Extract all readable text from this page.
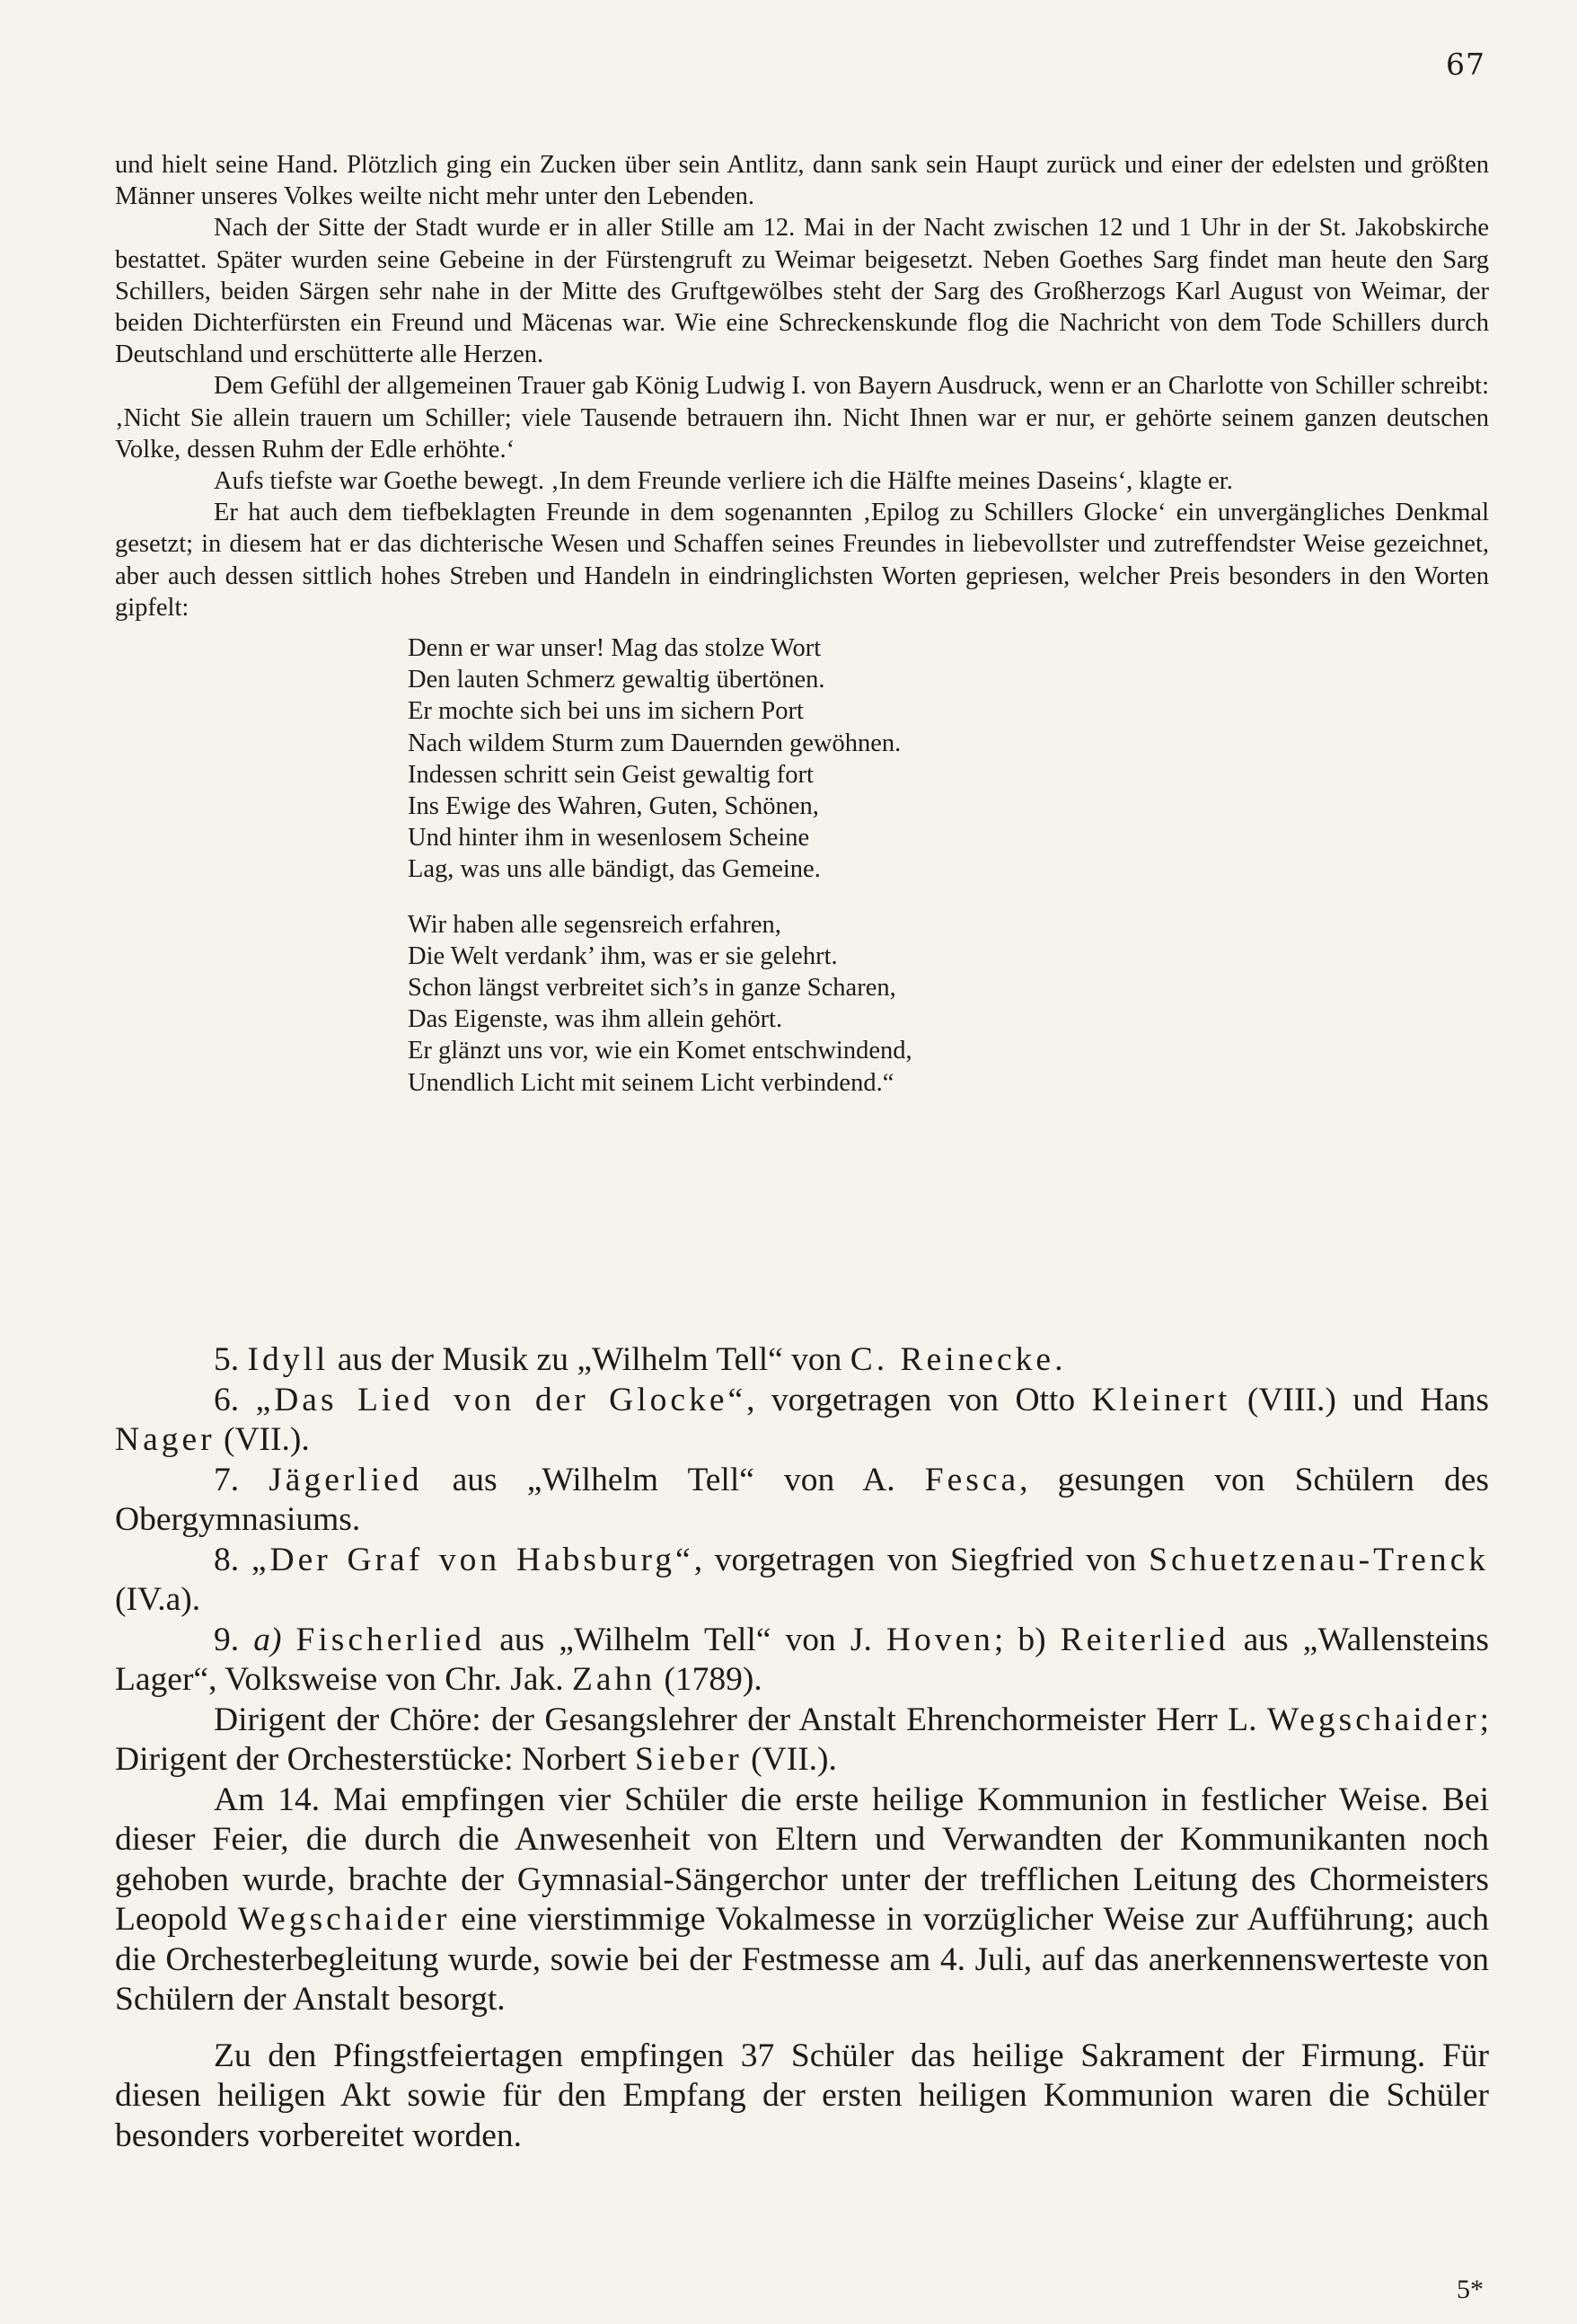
67

und hielt seine Hand. Plötzlich ging ein Zucken über sein Antlitz, dann sank sein Haupt zurück und einer der edelsten und größten Männer unseres Volkes weilte nicht mehr unter den Lebenden.

Nach der Sitte der Stadt wurde er in aller Stille am 12. Mai in der Nacht zwischen 12 und 1 Uhr in der St. Jakobskirche bestattet. Später wurden seine Gebeine in der Fürstengruft zu Weimar beigesetzt. Neben Goethes Sarg findet man heute den Sarg Schillers, beiden Särgen sehr nahe in der Mitte des Gruftgewölbes steht der Sarg des Großherzogs Karl August von Weimar, der beiden Dichterfürsten ein Freund und Mäcenas war. Wie eine Schreckenskunde flog die Nachricht von dem Tode Schillers durch Deutschland und erschütterte alle Herzen.

Dem Gefühl der allgemeinen Trauer gab König Ludwig I. von Bayern Ausdruck, wenn er an Charlotte von Schiller schreibt: ‚Nicht Sie allein trauern um Schiller; viele Tausende betrauern ihn. Nicht Ihnen war er nur, er gehörte seinem ganzen deutschen Volke, dessen Ruhm der Edle erhöhte.‘

Aufs tiefste war Goethe bewegt. ‚In dem Freunde verliere ich die Hälfte meines Daseins‘, klagte er.

Er hat auch dem tiefbeklagten Freunde in dem sogenannten ‚Epilog zu Schillers Glocke‘ ein unvergängliches Denkmal gesetzt; in diesem hat er das dichterische Wesen und Schaffen seines Freundes in liebevollster und zutreffendster Weise gezeichnet, aber auch dessen sittlich hohes Streben und Handeln in eindringlichsten Worten gepriesen, welcher Preis besonders in den Worten gipfelt:

Denn er war unser! Mag das stolze Wort
Den lauten Schmerz gewaltig übertönen.
Er mochte sich bei uns im sichern Port
Nach wildem Sturm zum Dauernden gewöhnen.
Indessen schritt sein Geist gewaltig fort
Ins Ewige des Wahren, Guten, Schönen,
Und hinter ihm in wesenlosem Scheine
Lag, was uns alle bändigt, das Gemeine.

Wir haben alle segensreich erfahren,
Die Welt verdank’ ihm, was er sie gelehrt.
Schon längst verbreitet sich’s in ganze Scharen,
Das Eigenste, was ihm allein gehört.
Er glänzt uns vor, wie ein Komet entschwindend,
Unendlich Licht mit seinem Licht verbindend.“

5. Idyll aus der Musik zu „Wilhelm Tell“ von C. Reinecke.

6. „Das Lied von der Glocke“, vorgetragen von Otto Kleinert (VIII.) und Hans Nager (VII.).

7. Jägerlied aus „Wilhelm Tell“ von A. Fesca, gesungen von Schülern des Obergymnasiums.

8. „Der Graf von Habsburg“, vorgetragen von Siegfried von Schuetzenau-Trenck (IV.a).

9. a) Fischerlied aus „Wilhelm Tell“ von J. Hoven; b) Reiterlied aus „Wallensteins Lager“, Volksweise von Chr. Jak. Zahn (1789).

Dirigent der Chöre: der Gesangslehrer der Anstalt Ehrenchormeister Herr L. Wegschaider; Dirigent der Orchesterstücke: Norbert Sieber (VII.).

Am 14. Mai empfingen vier Schüler die erste heilige Kommunion in festlicher Weise. Bei dieser Feier, die durch die Anwesenheit von Eltern und Verwandten der Kommunikanten noch gehoben wurde, brachte der Gymnasial-Sängerchor unter der trefflichen Leitung des Chormeisters Leopold Wegschaider eine vierstimmige Vokalmesse in vorzüglicher Weise zur Aufführung; auch die Orchesterbegleitung wurde, sowie bei der Festmesse am 4. Juli, auf das anerkennenswerteste von Schülern der Anstalt besorgt.

Zu den Pfingstfeiertagen empfingen 37 Schüler das heilige Sakrament der Firmung. Für diesen heiligen Akt sowie für den Empfang der ersten heiligen Kommunion waren die Schüler besonders vorbereitet worden.

5*
